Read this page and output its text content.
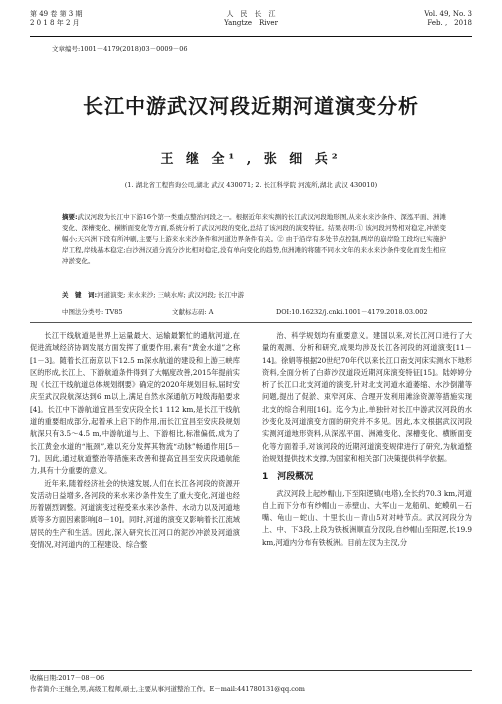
第 49 卷 第 3 期
2 0 1 8 年 2 月
人　民　长　江
Yangtze　River
Vol. 49, No. 3
Feb. ,　2018
文章编号:1001－4179(2018)03－0009－06
长江中游武汉河段近期河道演变分析
王 继 全¹ , 张 细 兵²
(1. 湖北省工程咨询公司,湖北 武汉 430071; 2. 长江科学院 河流所,湖北 武汉 430010)
摘要:武汉河段为长江中下游16个第一类重点整治河段之一。根据近年来实测的长江武汉河段地形图,从来水来沙条件、深泓平面、洲滩变化、深槽变化、横断面变化等方面,系统分析了武汉河段的变化,总结了该河段的演变特征。结果表明:① 该河段河势相对稳定,冲淤变幅小;天兴洲下段有所冲刷,主要与上游来水来沙条件和河道边界条件有关。② 由于沿岸有多处节点控制,两岸的崩岸险工段均已实施护岸工程,岸线基本稳定;白沙洲汉道分流分沙比相对稳定,没有单向变化的趋势,但洲滩的将随不同水文年的来水来沙条件变化而发生相应冲淤变化。
关　键　词:河道演变; 来水来沙; 三峡水库; 武汉河段; 长江中游
中图法分类号: TV85	文献标志码: A	DOI:10.16232/j.cnki.1001－4179.2018.03.002

长江干线航道是世界上运量最大、运输最繁忙的通航河道,在促进流域经济协调发展方面发挥了重要作用,素有“黄金水道”之称[1－3]。随着长江南京以下12.5 m深水航道的建设和上游三峡库区的形成,长江上、下游航道条件得到了大幅度改善,2015年提前实现《长江干线航道总体规划纲要》确定的2020年规划目标,届时安庆至武汉段航深达到6 m以上,满足自然水深通航万吨级海船要求[4]。长江中下游航道宜昌至安庆段全长1 112 km,是长江干线航道的重要组成部分,起着承上启下的作用,而长江宜昌至安庆段规划航深只有3.5～4.5 m,中游航道与上、下游相比,标准偏低,成为了长江黄金水道的“瓶颈”,难以充分发挥其物流“动脉”畅通作用[5－7]。因此,通过航道整治等措施来改善和提高宜昌至安庆段通航能力,具有十分重要的意义。

近年来,随着经济社会的快速发展,人们在长江各河段的资源开发活动日益增多,各河段的来水来沙条件发生了重大变化,河道也经历着剧烈调整。河道演变过程受来水来沙条件、水动力以及河道地质等多方面因素影响[8－10]。同时,河道的演变又影响着长江流域居民的生产和生活。因此,深入研究长江河口的泥沙冲淤及河道演变情况,对河道内的工程建设、综合整

治、科学规划均有重要意义。建国以来,对长江河口进行了大量的观测、分析和研究,成果均涉及长江各河段的河道演变[11－14]。徐娟等根据20世纪70年代以来长江口南支河床实测水下地形资料,全面分析了白茆沙汊道段近期河床演变特征[15]。陆婷婷分析了长江口北支河道的演变,针对北支河道水道萎缩、水沙倒灌等问题,提出了促淤、束窄河床、合理开发利用滩涂资源等措施实现北支的综合利用[16]。迄今为止,单独针对长江中游武汉河段的水沙变化及河道演变方面的研究并不多见。因此,本文根据武汉河段实测河道地形资料,从深泓平面、洲滩变化、深槽变化、横断面变化等方面着手,对该河段的近期河道演变规律进行了研究,为航道整治规划提供技术支撑,为国家和相关部门决策提供科学依据。

1　河段概况

武汉河段上起纱帽山,下至阳逻镇(电塔),全长约70.3 km,河道自上而下分布有纱帽山－赤壁山、大军山－龙船矶、蛇蟆矶－石嘴、龟山－蛇山、十里长山－青山5对对峙节点。武汉河段分为上、中、下3段,上段为铁板洲顺直分汊段,自纱帽山至阳逻,长19.9 km,河道内分布有铁板洲。目前左汊为主汊,分

收稿日期:2017－08－06
作者简介:王继全,男,高级工程师,硕士,主要从事河道整治工作。E－mail:441780131@qq.com
